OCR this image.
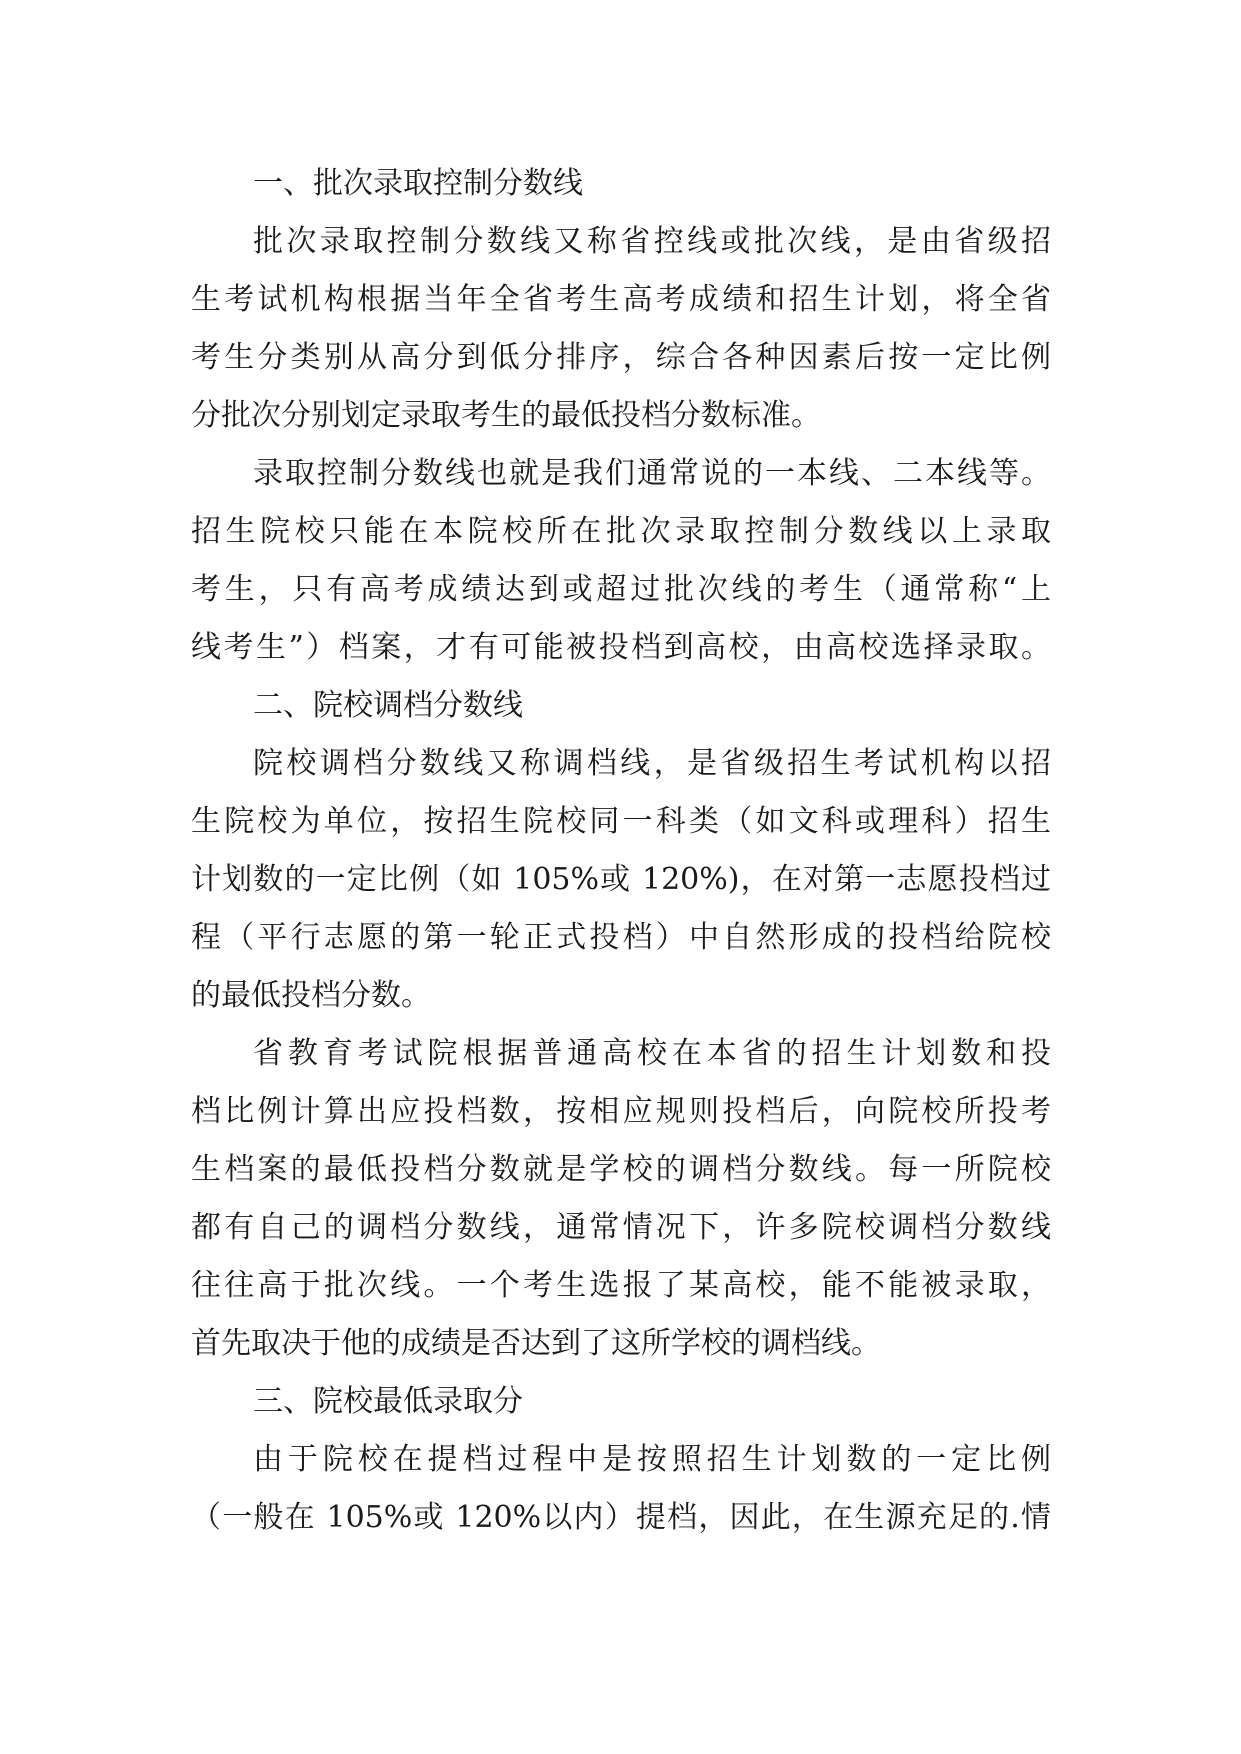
一、批次录取控制分数线

批次录取控制分数线又称省控线或批次线，是由省级招

生考试机构根据当年全省考生高考成绩和招生计划，将全省

考生分类别从高分到低分排序，综合各种因素后按一定比例

分批次分别划定录取考生的最低投档分数标准。

录取控制分数线也就是我们通常说的一本线、二本线等。

招生院校只能在本院校所在批次录取控制分数线以上录取

考生，只有高考成绩达到或超过批次线的考生（通常称“上

线考生”）档案，才有可能被投档到高校，由高校选择录取。

二、院校调档分数线

院校调档分数线又称调档线，是省级招生考试机构以招

生院校为单位，按招生院校同一科类（如文科或理科）招生

计划数的一定比例（如 105%或 120%)，在对第一志愿投档过

程（平行志愿的第一轮正式投档）中自然形成的投档给院校

的最低投档分数。

省教育考试院根据普通高校在本省的招生计划数和投

档比例计算出应投档数，按相应规则投档后，向院校所投考

生档案的最低投档分数就是学校的调档分数线。每一所院校

都有自己的调档分数线，通常情况下，许多院校调档分数线

往往高于批次线。一个考生选报了某高校，能不能被录取，

首先取决于他的成绩是否达到了这所学校的调档线。

三、院校最低录取分

由于院校在提档过程中是按照招生计划数的一定比例

（一般在 105%或 120%以内）提档，因此，在生源充足的.情
